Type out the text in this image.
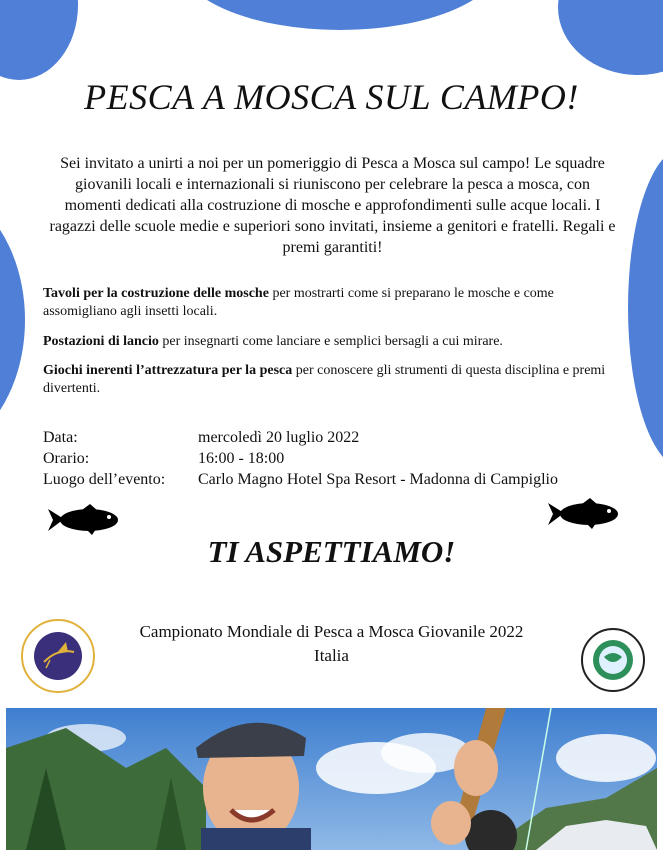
PESCA A MOSCA SUL CAMPO!
Sei invitato a unirti a noi per un pomeriggio di Pesca a Mosca sul campo! Le squadre giovanili locali e internazionali si riuniscono per celebrare la pesca a mosca, con momenti dedicati alla costruzione di mosche e approfondimenti sulle acque locali. I ragazzi delle scuole medie e superiori sono invitati, insieme a genitori e fratelli. Regali e premi garantiti!
Tavoli per la costruzione delle mosche per mostrarti come si preparano le mosche e come assomigliano agli insetti locali.
Postazioni di lancio per insegnarti come lanciare e semplici bersagli a cui mirare.
Giochi inerenti l’attrezzatura per la pesca per conoscere gli strumenti di questa disciplina e premi divertenti.
Data:	mercoledì 20 luglio 2022
Orario:	16:00 - 18:00
Luogo dell’evento:	Carlo Magno Hotel Spa Resort - Madonna di Campiglio
TI ASPETTIAMO!
Campionato Mondiale di Pesca a Mosca Giovanile 2022
Italia
